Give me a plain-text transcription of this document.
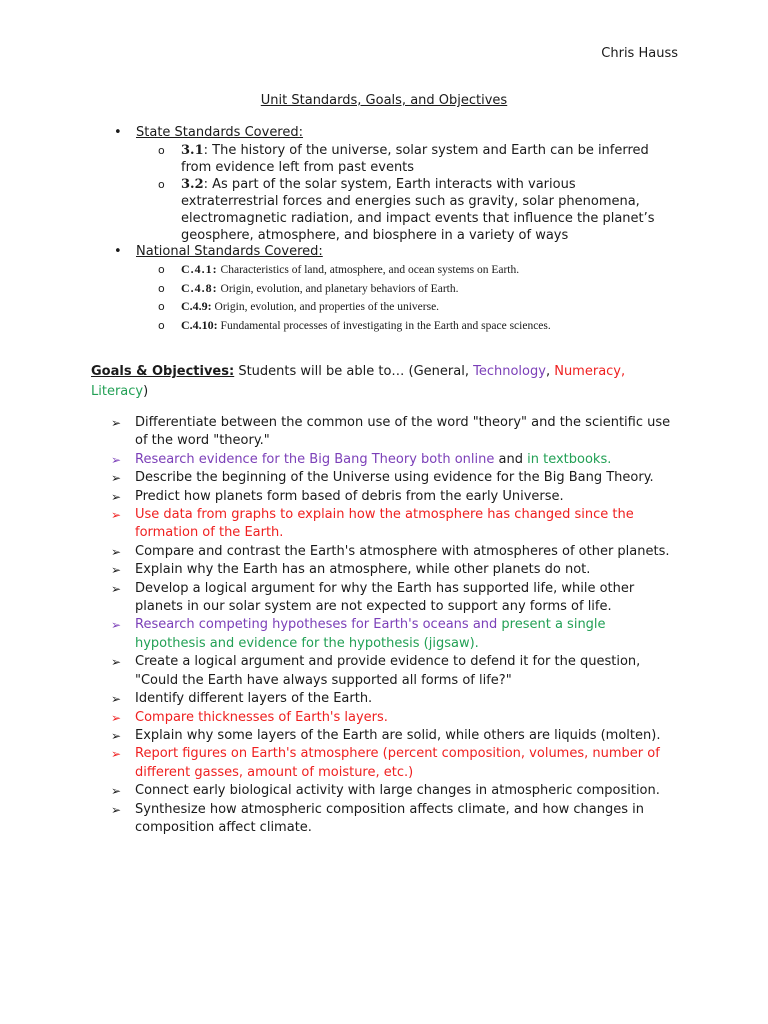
Chris Hauss
Unit Standards, Goals, and Objectives
• State Standards Covered:
o 3.1: The history of the universe, solar system and Earth can be inferred from evidence left from past events
o 3.2: As part of the solar system, Earth interacts with various extraterrestrial forces and energies such as gravity, solar phenomena, electromagnetic radiation, and impact events that influence the planet’s geosphere, atmosphere, and biosphere in a variety of ways
• National Standards Covered:
o C.4.1: Characteristics of land, atmosphere, and ocean systems on Earth.
o C.4.8: Origin, evolution, and planetary behaviors of Earth.
o C.4.9: Origin, evolution, and properties of the universe.
o C.4.10: Fundamental processes of investigating in the Earth and space sciences.
Goals & Objectives: Students will be able to… (General, Technology, Numeracy,
Literacy)
➢ Differentiate between the common use of the word "theory" and the scientific use of the word "theory."
➢ Research evidence for the Big Bang Theory both online and in textbooks.
➢ Describe the beginning of the Universe using evidence for the Big Bang Theory.
➢ Predict how planets form based of debris from the early Universe.
➢ Use data from graphs to explain how the atmosphere has changed since the formation of the Earth.
➢ Compare and contrast the Earth's atmosphere with atmospheres of other planets.
➢ Explain why the Earth has an atmosphere, while other planets do not.
➢ Develop a logical argument for why the Earth has supported life, while other planets in our solar system are not expected to support any forms of life.
➢ Research competing hypotheses for Earth's oceans and present a single hypothesis and evidence for the hypothesis (jigsaw).
➢ Create a logical argument and provide evidence to defend it for the question, "Could the Earth have always supported all forms of life?"
➢ Identify different layers of the Earth.
➢ Compare thicknesses of Earth's layers.
➢ Explain why some layers of the Earth are solid, while others are liquids (molten).
➢ Report figures on Earth's atmosphere (percent composition, volumes, number of different gasses, amount of moisture, etc.)
➢ Connect early biological activity with large changes in atmospheric composition.
➢ Synthesize how atmospheric composition affects climate, and how changes in composition affect climate.
